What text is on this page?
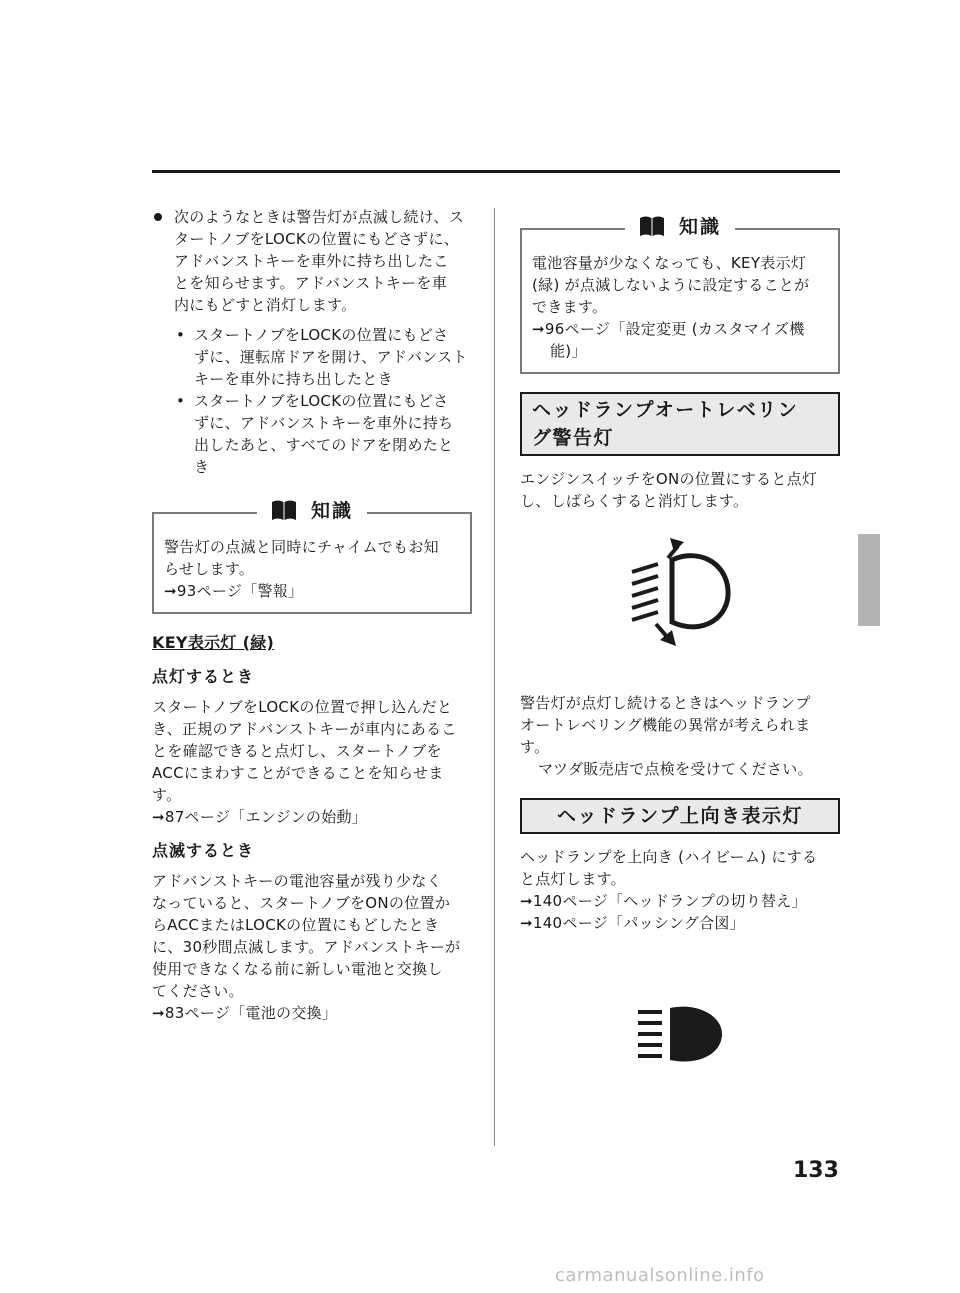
次のようなときは警告灯が点滅し続け、ス

タートノブをLOCKの位置にもどさずに、

アドバンストキーを車外に持ち出したこ

とを知らせます。アドバンストキーを車

内にもどすと消灯します。

• スタートノブをLOCKの位置にもどさ
ずに、運転席ドアを開け、アドバンスト
キーを車外に持ち出したとき
• スタートノブをLOCKの位置にもどさ
ずに、アドバンストキーを車外に持ち
出したあと、すべてのドアを閉めたと
き
知識

警告灯の点滅と同時にチャイムでもお知

らせします。

➞93ページ「警報」

KEY表示灯 (緑)

点灯するとき

スタートノブをLOCKの位置で押し込んだと

き、正規のアドバンストキーが車内にあるこ

とを確認できると点灯し、スタートノブを

ACCにまわすことができることを知らせま

す。

➞87ページ「エンジンの始動」

点滅するとき

アドバンストキーの電池容量が残り少なく

なっていると、スタートノブをONの位置か

らACCまたはLOCKの位置にもどしたとき

に、30秒間点滅します。アドバンストキーが

使用できなくなる前に新しい電池と交換し

てください。

➞83ページ「電池の交換」

知識

電池容量が少なくなっても、KEY表示灯

(緑) が点滅しないように設定することが

できます。

➞96ページ「設定変更 (カスタマイズ機

能)」

ヘッドランプオートレベリン
グ警告灯

エンジンスイッチをONの位置にすると点灯

し、しばらくすると消灯します。

警告灯が点灯し続けるときはヘッドランプ

オートレベリング機能の異常が考えられま

す。

マツダ販売店で点検を受けてください。

ヘッドランプ上向き表示灯

ヘッドランプを上向き (ハイビーム) にする

と点灯します。

➞140ページ「ヘッドランプの切り替え」

➞140ページ「パッシング合図」

133
carmanualsonline.info
